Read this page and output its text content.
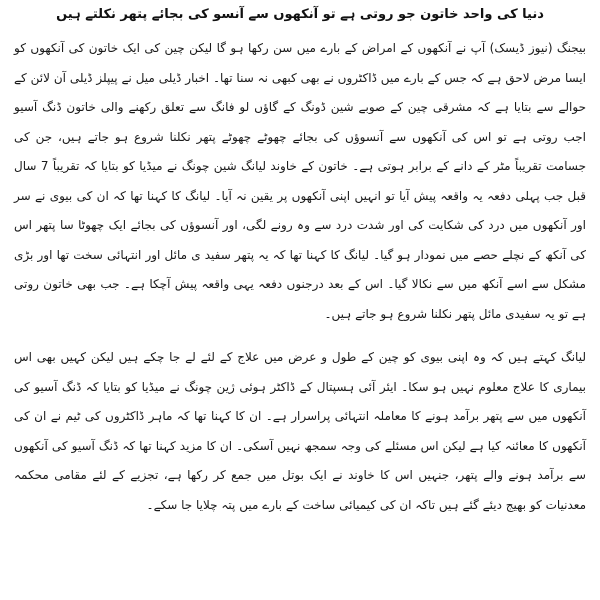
دنیا کی واحد خاتون جو روتی ہے تو آنکھوں سے آنسو کی بجائے پتھر نکلتے ہیں

بیجنگ (نیوز ڈیسک) آپ نے آنکھوں کے امراض کے بارے میں سن رکھا ہو گا لیکن چین کی ایک خاتون کی آنکھوں کو ایسا مرض لاحق ہے کہ جس کے بارے میں ڈاکٹروں نے بھی کبھی نہ سنا تھا۔ اخبار ڈیلی میل نے پیپلز ڈیلی آن لائن کے حوالے سے بتایا ہے کہ مشرقی چین کے صوبے شین ڈونگ کے گاؤں لو فانگ سے تعلق رکھنے والی خاتون ڈنگ آسیو اجب روتی ہے تو اس کی آنکھوں سے آنسوؤں کی بجائے چھوٹے چھوٹے پتھر نکلنا شروع ہو جاتے ہیں، جن کی جسامت تقریباً مٹر کے دانے کے برابر ہوتی ہے۔ خاتون کے خاوند لیانگ شین چونگ نے میڈیا کو بتایا کہ تقریباً 7 سال قبل جب پہلی دفعہ یہ واقعہ پیش آیا تو انہیں اپنی آنکھوں پر یقین نہ آیا۔ لیانگ کا کہنا تھا کہ ان کی بیوی نے سر اور آنکھوں میں درد کی شکایت کی اور شدت درد سے وہ رونے لگی، اور آنسوؤں کی بجائے ایک چھوٹا سا پتھر اس کی آنکھ کے نچلے حصے میں نمودار ہو گیا۔ لیانگ کا کہنا تھا کہ یہ پتھر سفید ی مائل اور انتہائی سخت تھا اور بڑی مشکل سے اسے آنکھ میں سے نکالا گیا۔ اس کے بعد درجنوں دفعہ یہی واقعہ پیش آچکا ہے۔ جب بھی خاتون روتی ہے تو یہ سفیدی مائل پتھر نکلنا شروع ہو جاتے ہیں۔

لیانگ کہتے ہیں کہ وہ اپنی بیوی کو چین کے طول و عرض میں علاج کے لئے لے جا چکے ہیں لیکن کہیں بھی اس بیماری کا علاج معلوم نہیں ہو سکا۔ ایئر آئی ہسپتال کے ڈاکٹر ہوئی ژین چونگ نے میڈیا کو بتایا کہ ڈنگ آسیو کی آنکھوں میں سے پتھر برآمد ہونے کا معاملہ انتہائی پراسرار ہے۔ ان کا کہنا تھا کہ ماہر ڈاکٹروں کی ٹیم نے ان کی آنکھوں کا معائنہ کیا ہے لیکن اس مسئلے کی وجہ سمجھ نہیں آسکی۔ ان کا مزید کہنا تھا کہ ڈنگ آسیو کی آنکھوں سے برآمد ہونے والے پتھر، جنہیں اس کا خاوند نے ایک بوتل میں جمع کر رکھا ہے، تجزیے کے لئے مقامی محکمہ معدنیات کو بھیج دیئے گئے ہیں تاکہ ان کی کیمیائی ساخت کے بارے میں پتہ چلایا جا سکے۔
